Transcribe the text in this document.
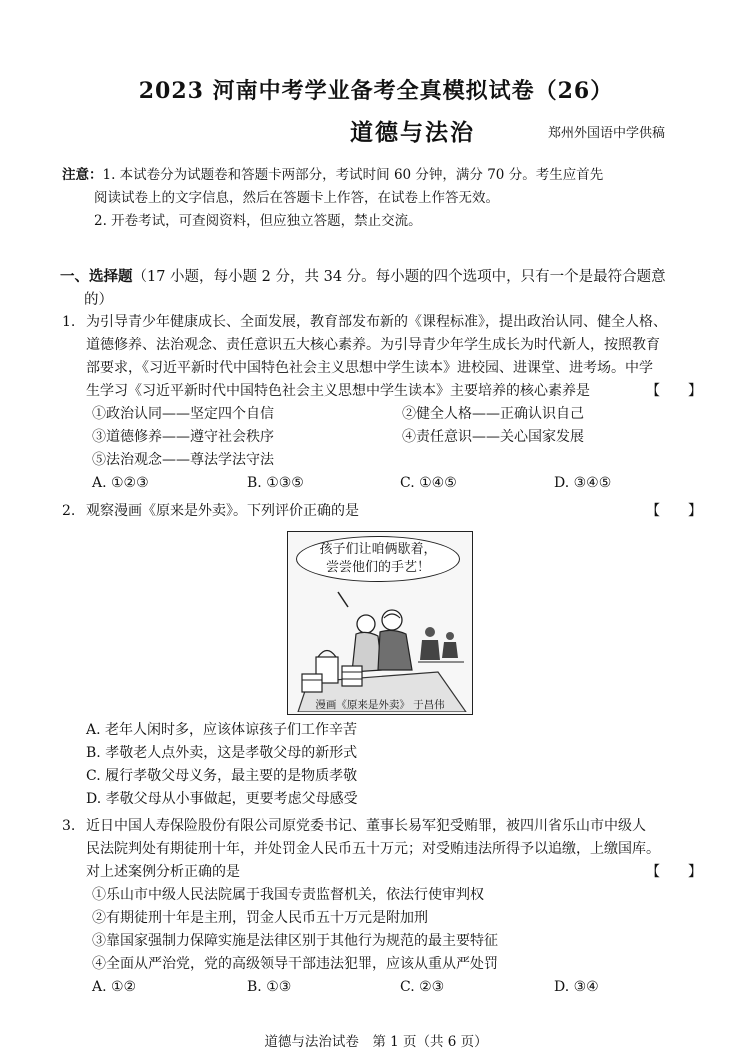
2023 河南中考学业备考全真模拟试卷（26）
道德与法治	郑州外国语中学供稿
注意：1. 本试卷分为试题卷和答题卡两部分，考试时间 60 分钟，满分 70 分。考生应首先
阅读试卷上的文字信息，然后在答题卡上作答，在试卷上作答无效。
2. 开卷考试，可查阅资料，但应独立答题，禁止交流。
一、选择题（17 小题，每小题 2 分，共 34 分。每小题的四个选项中，只有一个是最符合题意
的）
1. 为引导青少年健康成长、全面发展，教育部发布新的《课程标准》，提出政治认同、健全人格、
道德修养、法治观念、责任意识五大核心素养。为引导青少年学生成长为时代新人，按照教育
部要求，《习近平新时代中国特色社会主义思想中学生读本》进校园、进课堂、进考场。中学
生学习《习近平新时代中国特色社会主义思想中学生读本》主要培养的核心素养是	【　　】
①政治认同——坚定四个自信	②健全人格——正确认识自己
③道德修养——遵守社会秩序	④责任意识——关心国家发展
⑤法治观念——尊法学法守法
A. ①②③	B. ①③⑤	C. ①④⑤	D. ③④⑤
2. 观察漫画《原来是外卖》。下列评价正确的是	【　　】
孩子们让咱俩歇着，
尝尝他们的手艺！
漫画《原来是外卖》 于昌伟
A. 老年人闲时多，应该体谅孩子们工作辛苦
B. 孝敬老人点外卖，这是孝敬父母的新形式
C. 履行孝敬父母义务，最主要的是物质孝敬
D. 孝敬父母从小事做起，更要考虑父母感受
3. 近日中国人寿保险股份有限公司原党委书记、董事长易军犯受贿罪，被四川省乐山市中级人
民法院判处有期徒刑十年，并处罚金人民币五十万元；对受贿违法所得予以追缴，上缴国库。
对上述案例分析正确的是	【　　】
①乐山市中级人民法院属于我国专责监督机关，依法行使审判权
②有期徒刑十年是主刑，罚金人民币五十万元是附加刑
③靠国家强制力保障实施是法律区别于其他行为规范的最主要特征
④全面从严治党，党的高级领导干部违法犯罪，应该从重从严处罚
A. ①②	B. ①③	C. ②③	D. ③④
道德与法治试卷　第 1 页（共 6 页）
